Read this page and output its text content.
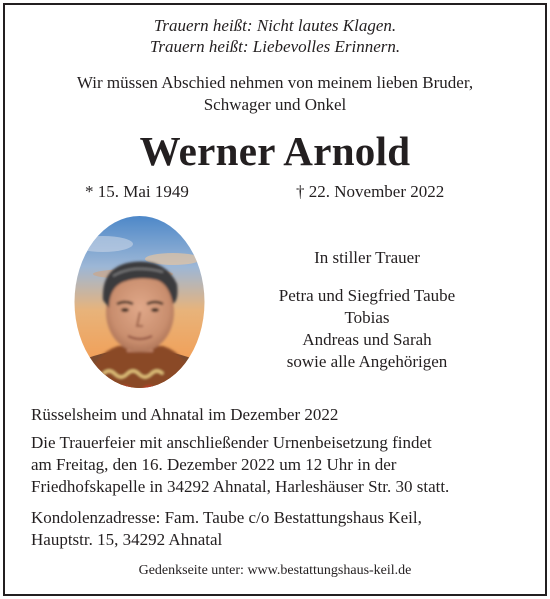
Trauern heißt: Nicht lautes Klagen.
Trauern heißt: Liebevolles Erinnern.
Wir müssen Abschied nehmen von meinem lieben Bruder,
Schwager und Onkel
Werner Arnold
* 15. Mai 1949	† 22. November 2022
In stiller Trauer
Petra und Siegfried Taube
Tobias
Andreas und Sarah
sowie alle Angehörigen
Rüsselsheim und Ahnatal im Dezember 2022
Die Trauerfeier mit anschließender Urnenbeisetzung findet
am Freitag, den 16. Dezember 2022 um 12 Uhr in der
Friedhofskapelle in 34292 Ahnatal, Harleshäuser Str. 30 statt.
Kondolenzadresse: Fam. Taube c/o Bestattungshaus Keil,
Hauptstr. 15, 34292 Ahnatal
Gedenkseite unter: www.bestattungshaus-keil.de
